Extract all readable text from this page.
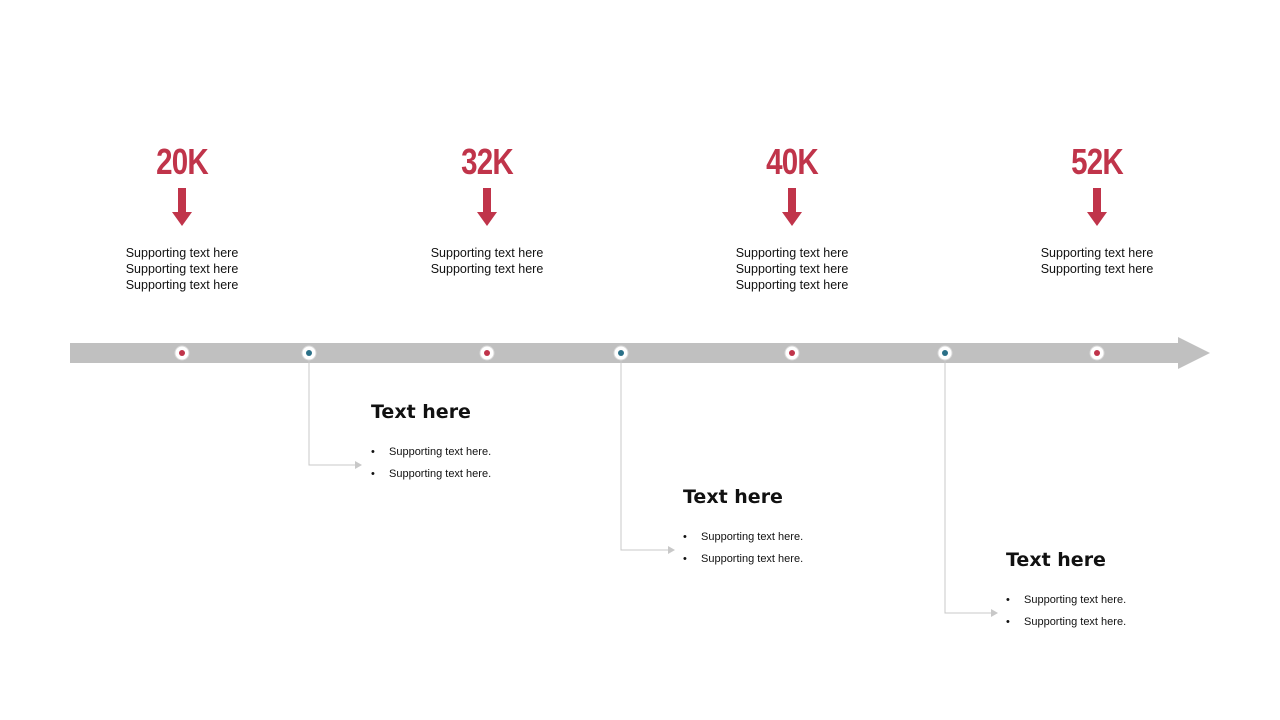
20K
Supporting text here
Supporting text here
Supporting text here
32K
Supporting text here
Supporting text here
40K
Supporting text here
Supporting text here
Supporting text here
52K
Supporting text here
Supporting text here

Text here

• Supporting text here.
• Supporting text here.

Text here

• Supporting text here.
• Supporting text here.	Text here

• Supporting text here.
• Supporting text here.
